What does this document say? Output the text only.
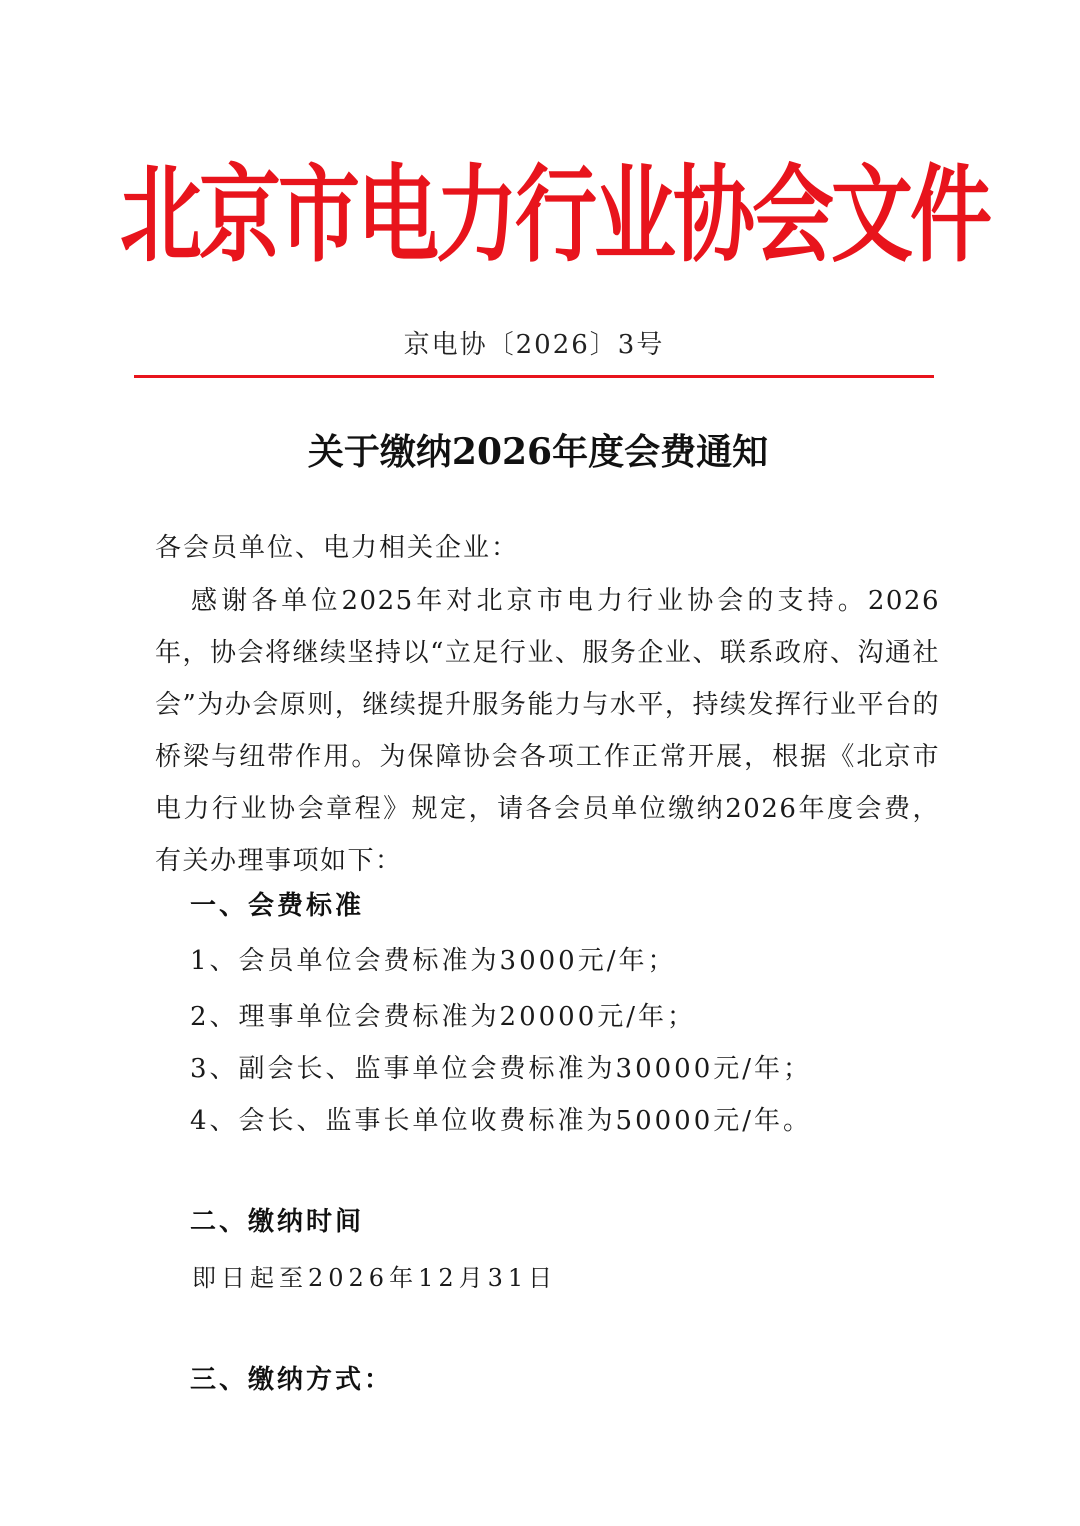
北京市电力行业协会文件
京电协〔2026〕3号
关于缴纳2026年度会费通知
各会员单位、电力相关企业：
感谢各单位2025年对北京市电力行业协会的支持。2026年，协会将继续坚持以“立足行业、服务企业、联系政府、沟通社会”为办会原则，继续提升服务能力与水平，持续发挥行业平台的桥梁与纽带作用。为保障协会各项工作正常开展，根据《北京市电力行业协会章程》规定，请各会员单位缴纳2026年度会费，有关办理事项如下：
一、会费标准
1、会员单位会费标准为3000元/年；
2、理事单位会费标准为20000元/年；
3、副会长、监事单位会费标准为30000元/年；
4、会长、监事长单位收费标准为50000元/年。
二、缴纳时间
即日起至2026年12月31日
三、缴纳方式：
